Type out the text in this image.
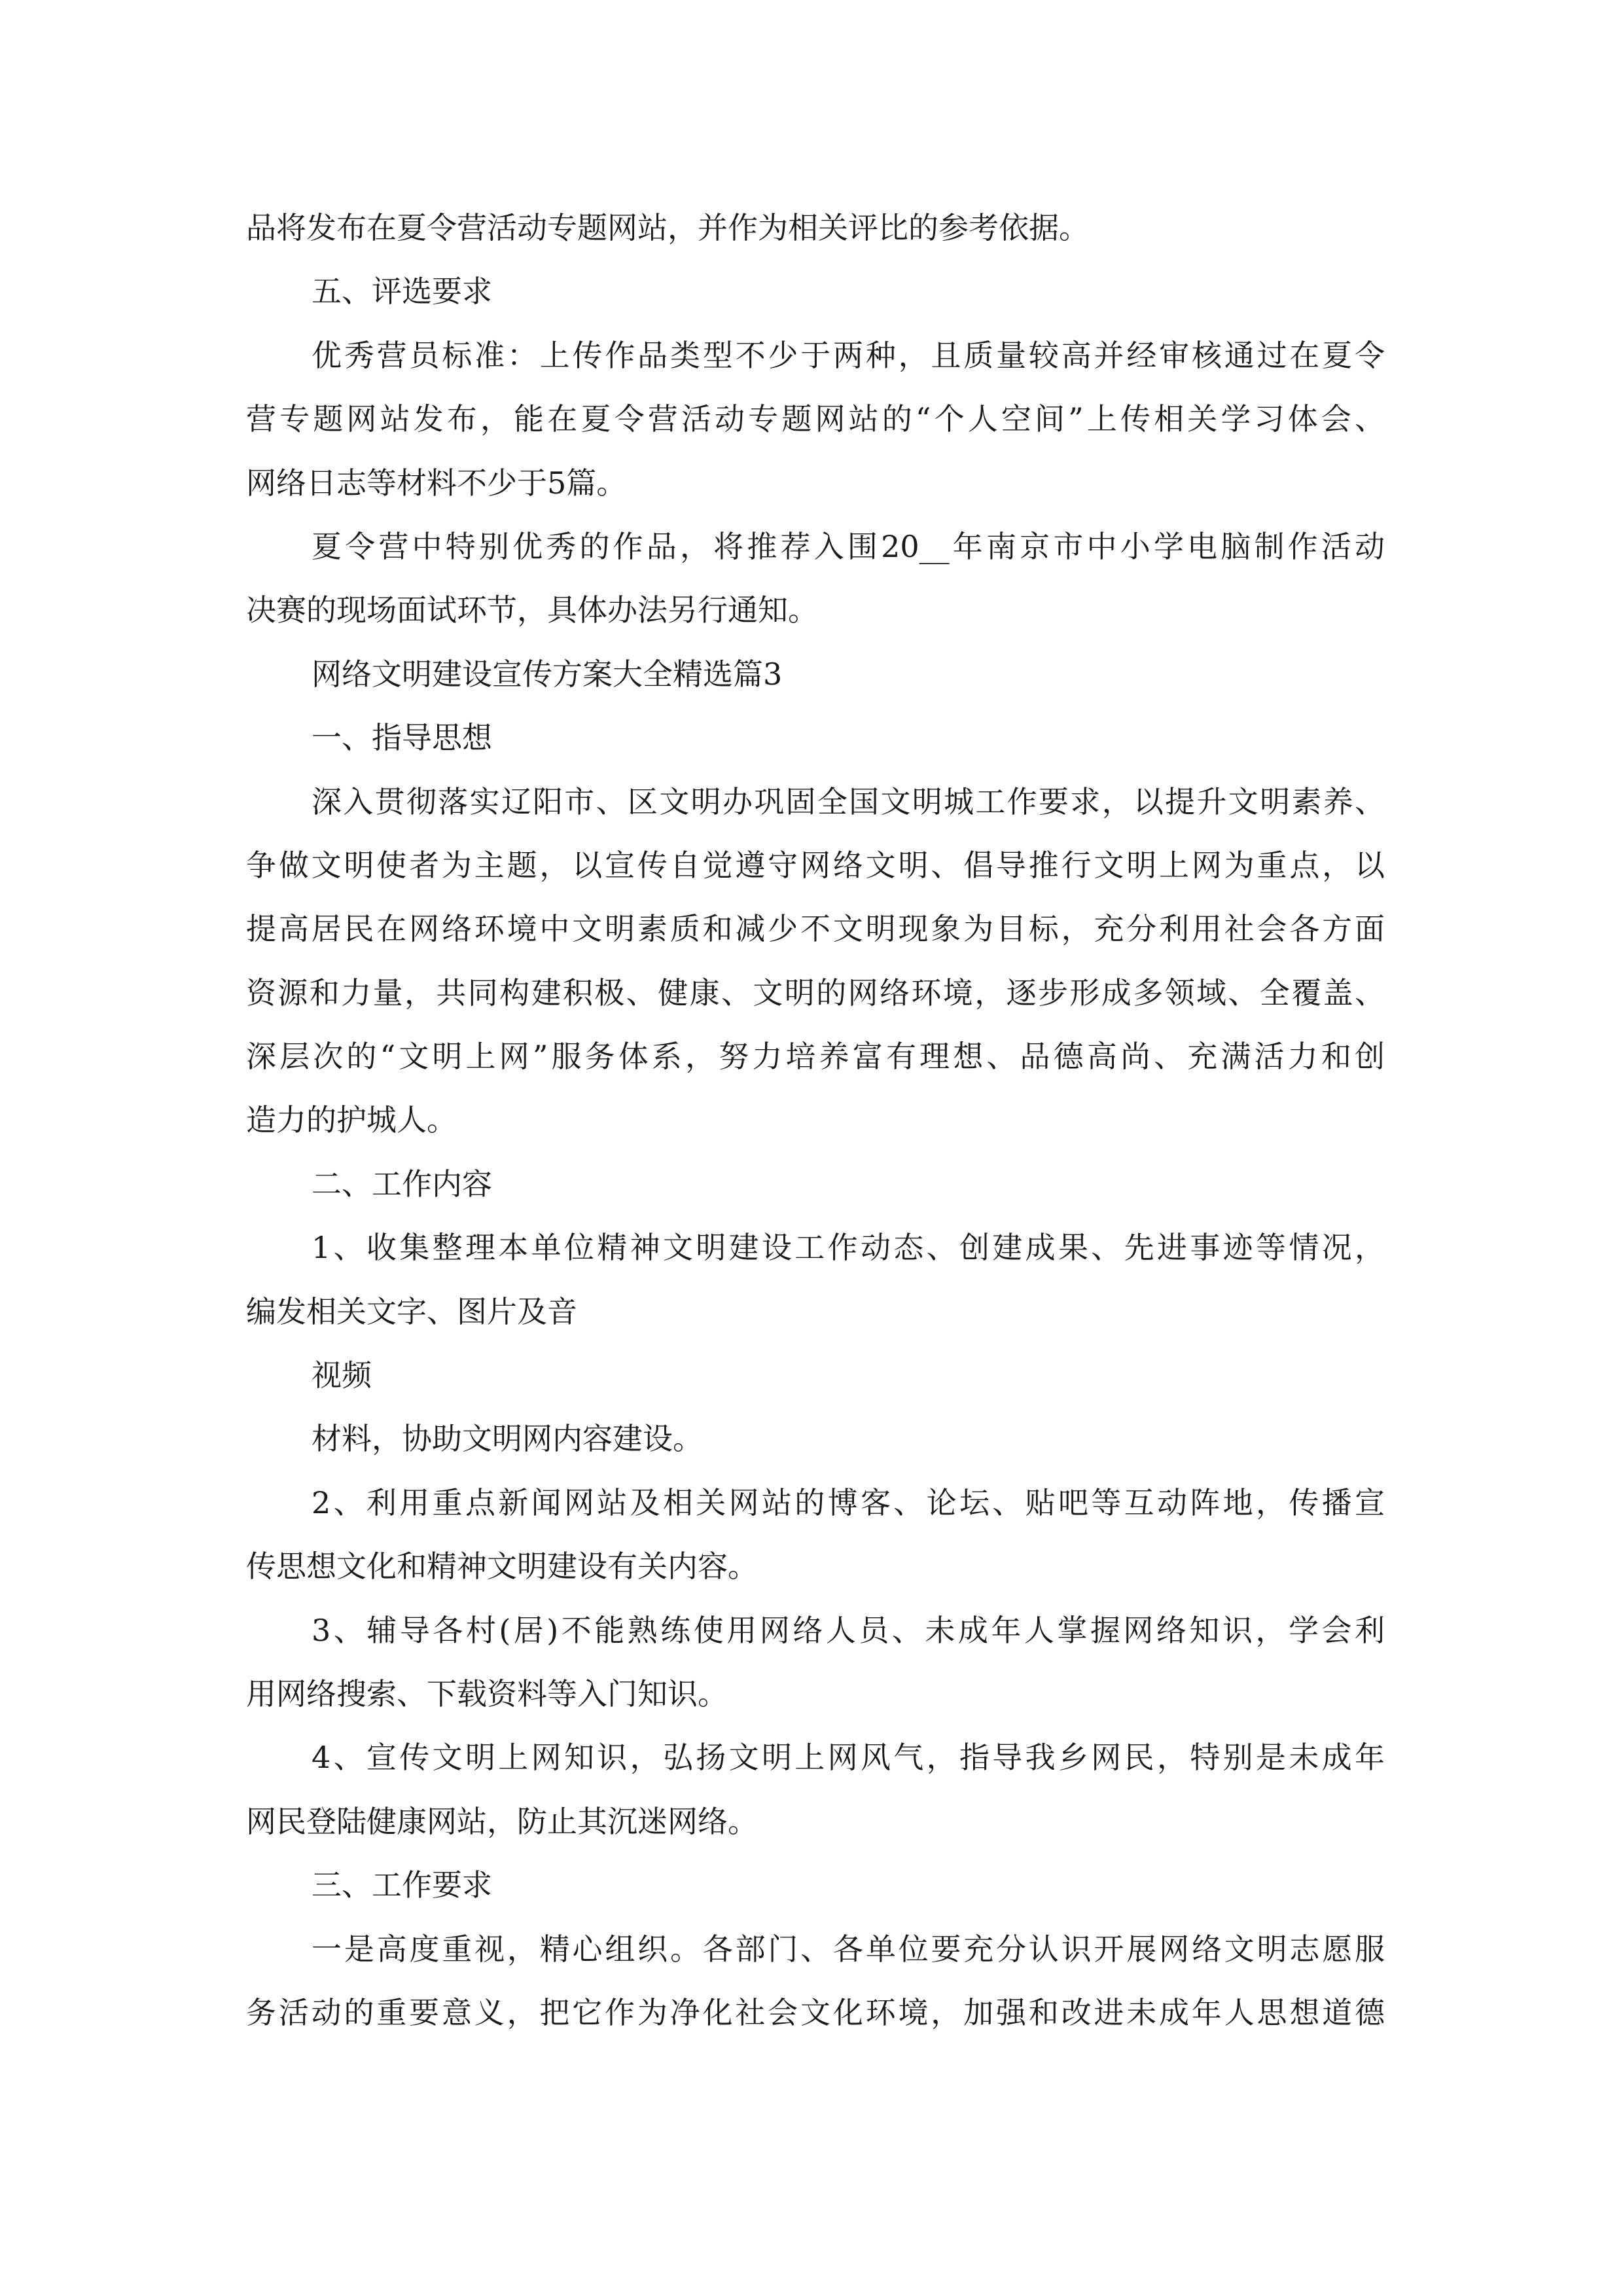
品将发布在夏令营活动专题网站，并作为相关评比的参考依据。
五、评选要求
优秀营员标准：上传作品类型不少于两种，且质量较高并经审核通过在夏令
营专题网站发布，能在夏令营活动专题网站的“个人空间”上传相关学习体会、
网络日志等材料不少于5篇。
夏令营中特别优秀的作品，将推荐入围20__年南京市中小学电脑制作活动
决赛的现场面试环节，具体办法另行通知。
网络文明建设宣传方案大全精选篇3
一、指导思想
深入贯彻落实辽阳市、区文明办巩固全国文明城工作要求，以提升文明素养、
争做文明使者为主题，以宣传自觉遵守网络文明、倡导推行文明上网为重点，以
提高居民在网络环境中文明素质和减少不文明现象为目标，充分利用社会各方面
资源和力量，共同构建积极、健康、文明的网络环境，逐步形成多领域、全覆盖、
深层次的“文明上网”服务体系，努力培养富有理想、品德高尚、充满活力和创
造力的护城人。
二、工作内容
1、收集整理本单位精神文明建设工作动态、创建成果、先进事迹等情况，
编发相关文字、图片及音
视频
材料，协助文明网内容建设。
2、利用重点新闻网站及相关网站的博客、论坛、贴吧等互动阵地，传播宣
传思想文化和精神文明建设有关内容。
3、辅导各村(居)不能熟练使用网络人员、未成年人掌握网络知识，学会利
用网络搜索、下载资料等入门知识。
4、宣传文明上网知识，弘扬文明上网风气，指导我乡网民，特别是未成年
网民登陆健康网站，防止其沉迷网络。
三、工作要求
一是高度重视，精心组织。各部门、各单位要充分认识开展网络文明志愿服
务活动的重要意义，把它作为净化社会文化环境，加强和改进未成年人思想道德
